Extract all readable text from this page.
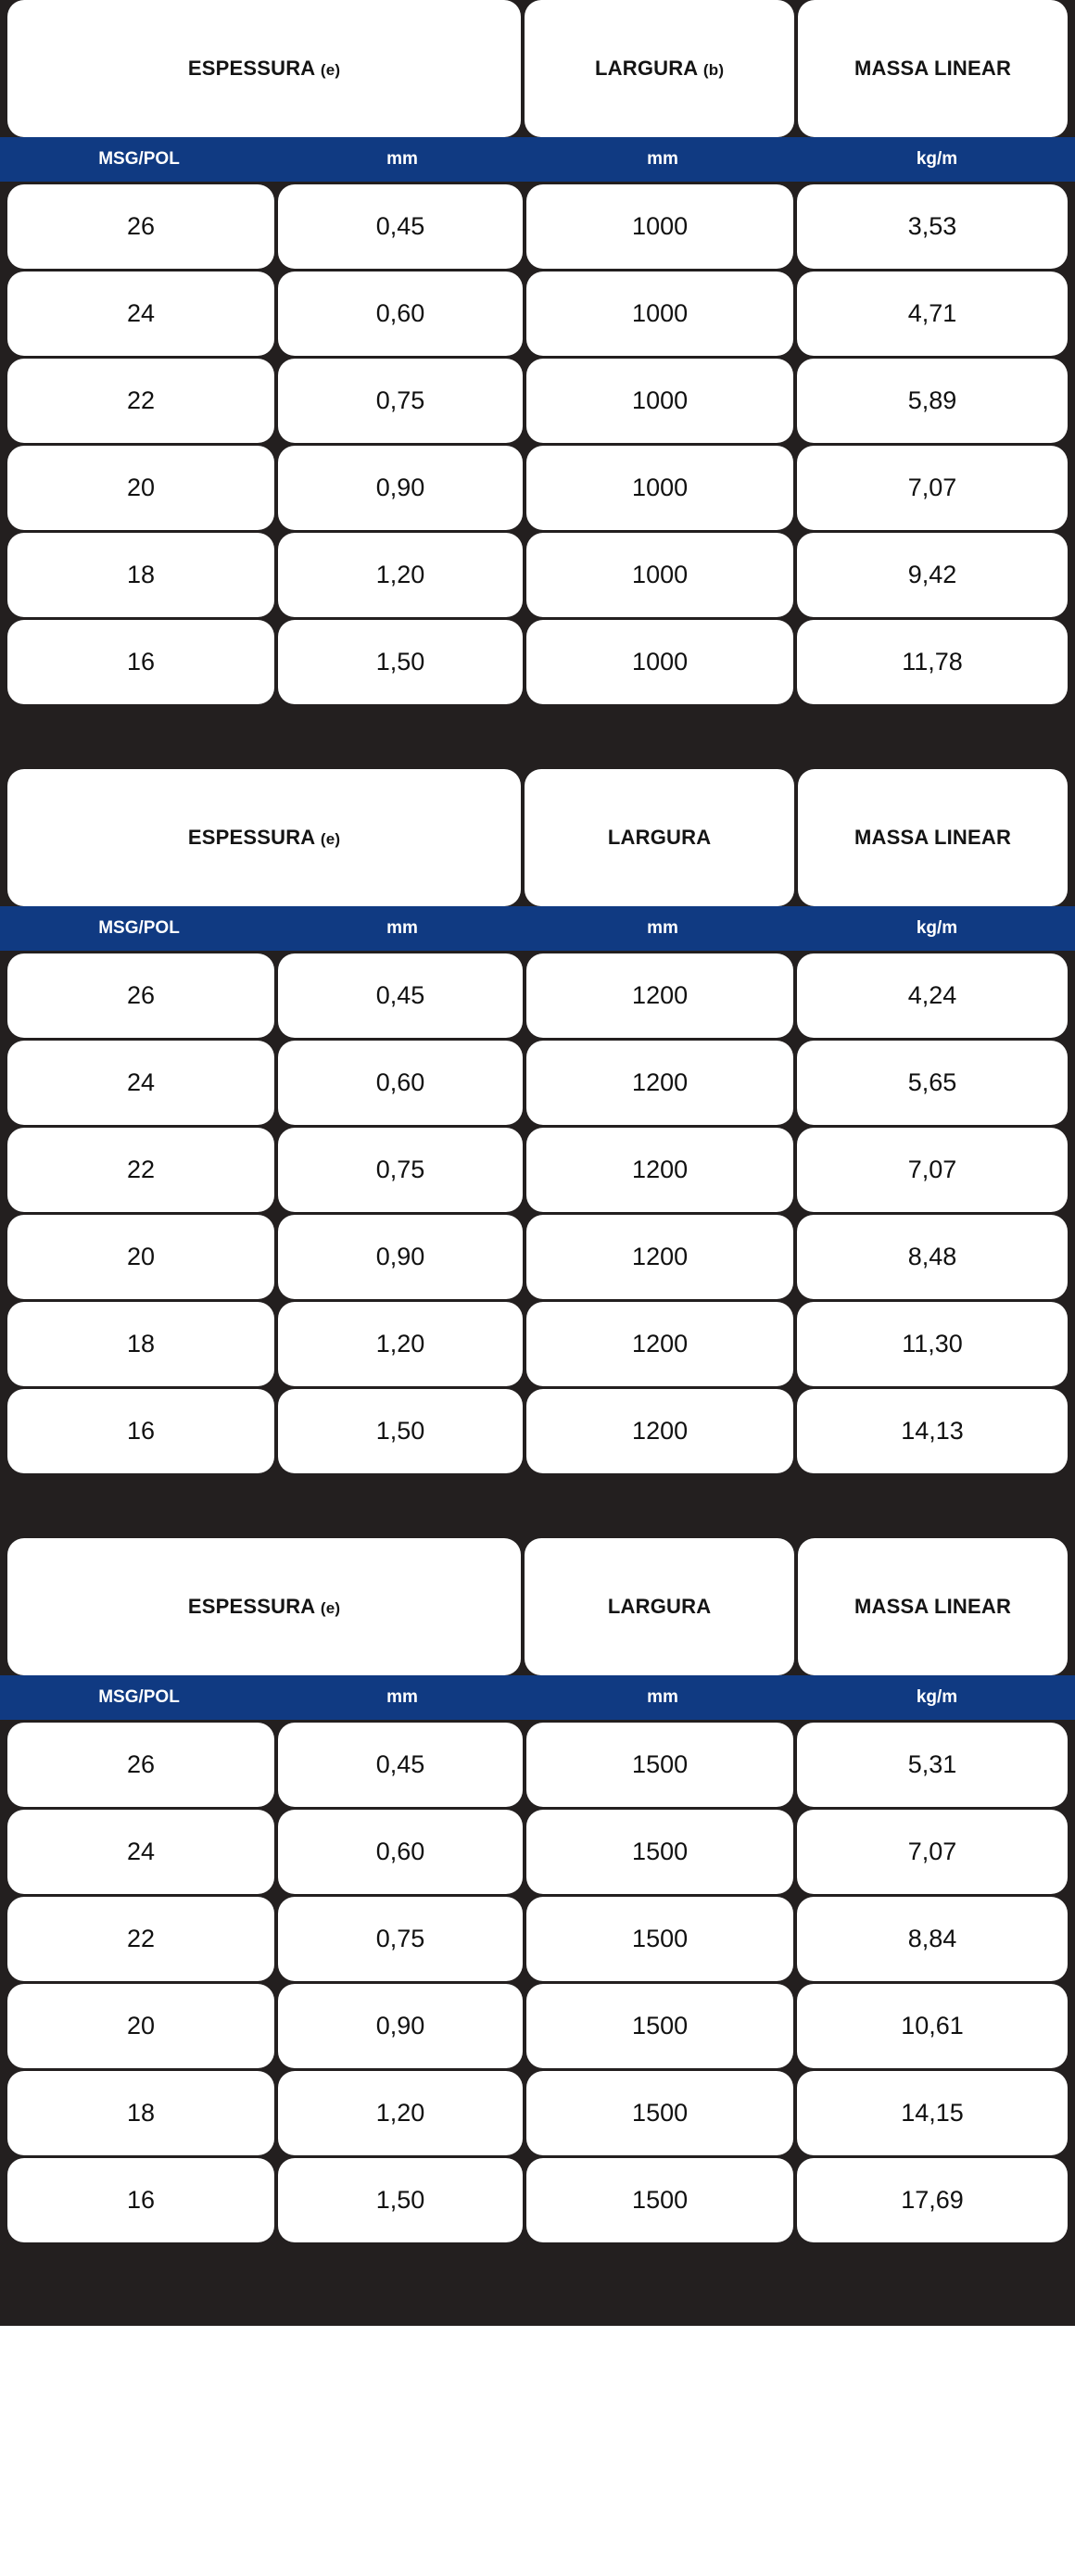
ESPESSURA (e)	LARGURA (b)	MASSA LINEAR
MSG/POL	mm	mm	kg/m
26	0,45	1000	3,53
24	0,60	1000	4,71
22	0,75	1000	5,89
20	0,90	1000	7,07
18	1,20	1000	9,42
16	1,50	1000	11,78
ESPESSURA (e)	LARGURA	MASSA LINEAR
MSG/POL	mm	mm	kg/m
26	0,45	1200	4,24
24	0,60	1200	5,65
22	0,75	1200	7,07
20	0,90	1200	8,48
18	1,20	1200	11,30
16	1,50	1200	14,13
ESPESSURA (e)	LARGURA	MASSA LINEAR
MSG/POL	mm	mm	kg/m
26	0,45	1500	5,31
24	0,60	1500	7,07
22	0,75	1500	8,84
20	0,90	1500	10,61
18	1,20	1500	14,15
16	1,50	1500	17,69
